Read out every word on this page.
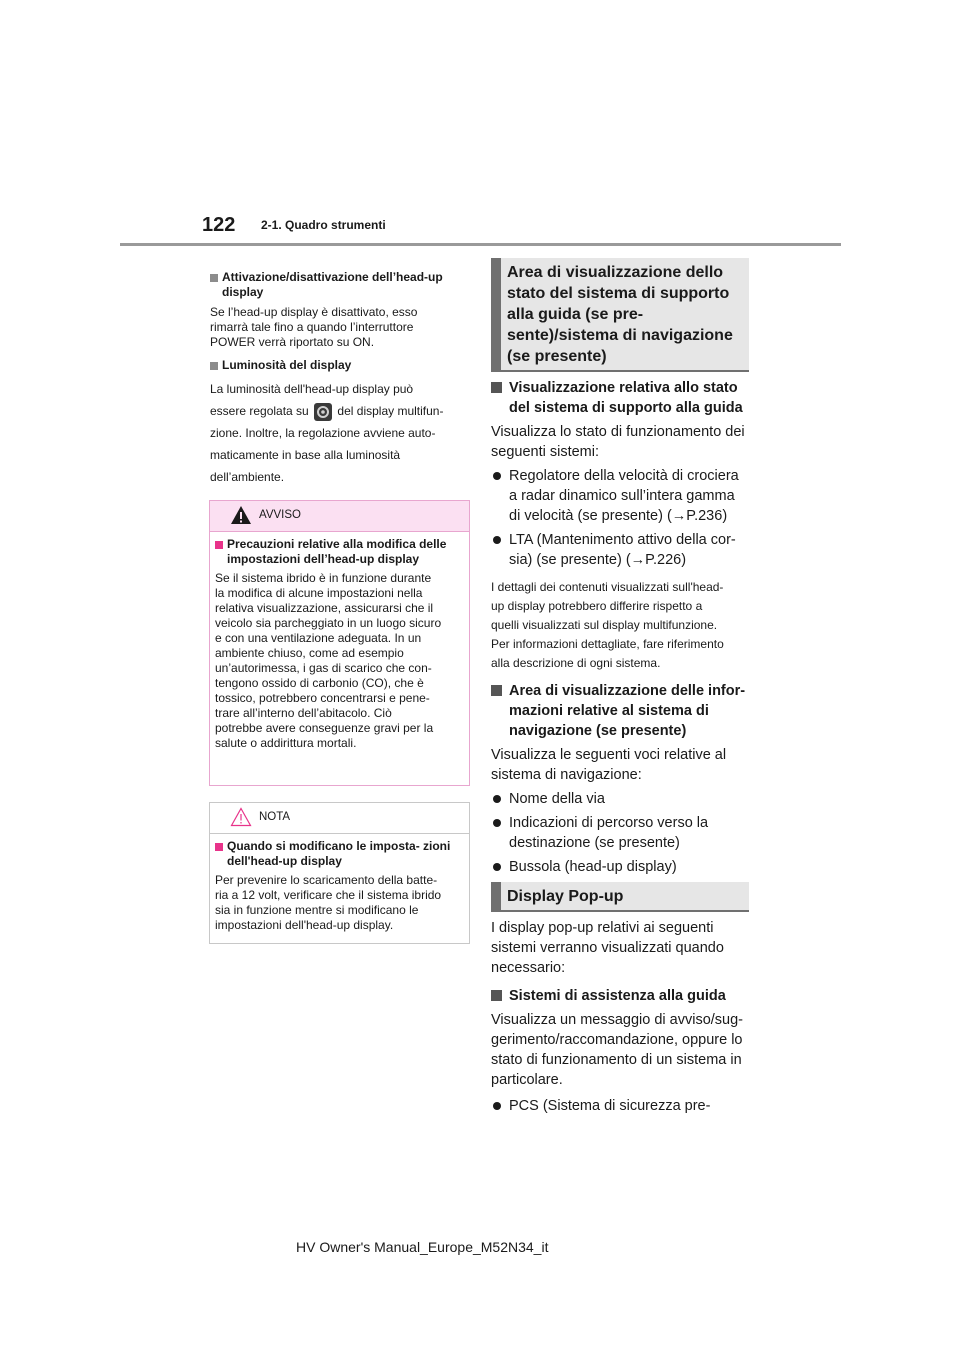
122 2-1. Quadro strumenti
Attivazione/disattivazione dell’head-up display
Se l’head-up display è disattivato, esso
rimarrà tale fino a quando l’interruttore
POWER verrà riportato su ON.
Luminosità del display
La luminosità dell'head-up display può
essere regolata su del display multifun-
zione. Inoltre, la regolazione avviene auto-
maticamente in base alla luminosità
dell’ambiente.
AVVISO
Precauzioni relative alla modifica delle impostazioni dell’head-up display
Se il sistema ibrido è in funzione durante
la modifica di alcune impostazioni nella
relativa visualizzazione, assicurarsi che il
veicolo sia parcheggiato in un luogo sicuro
e con una ventilazione adeguata. In un
ambiente chiuso, come ad esempio
un’autorimessa, i gas di scarico che con-
tengono ossido di carbonio (CO), che è
tossico, potrebbero concentrarsi e pene-
trare all’interno dell’abitacolo. Ciò
potrebbe avere conseguenze gravi per la
salute o addirittura mortali.
NOTA
Quando si modificano le imposta- zioni dell'head-up display
Per prevenire lo scaricamento della batte-
ria a 12 volt, verificare che il sistema ibrido
sia in funzione mentre si modificano le
impostazioni dell'head-up display.
Area di visualizzazione dello stato del sistema di supporto alla guida (se pre- sente)/sistema di navigazione (se presente)
Visualizzazione relativa allo stato del sistema di supporto alla guida

Visualizza lo stato di funzionamento dei seguenti sistemi:

Regolatore della velocità di crociera a radar dinamico sull’intera gamma di velocità (se presente) (→P.236)
LTA (Mantenimento attivo della cor- sia) (se presente) (→P.226)
I dettagli dei contenuti visualizzati sull'head-
up display potrebbero differire rispetto a
quelli visualizzati sul display multifunzione.
Per informazioni dettagliate, fare riferimento
alla descrizione di ogni sistema.
Area di visualizzazione delle infor- mazioni relative al sistema di navigazione (se presente)

Visualizza le seguenti voci relative al sistema di navigazione:

Nome della via
Indicazioni di percorso verso la destinazione (se presente)
Bussola (head-up display)
Display Pop-up

I display pop-up relativi ai seguenti sistemi verranno visualizzati quando necessario:

Sistemi di assistenza alla guida

Visualizza un messaggio di avviso/sug- gerimento/raccomandazione, oppure lo stato di funzionamento di un sistema in particolare.

PCS (Sistema di sicurezza pre-
HV Owner's Manual_Europe_M52N34_it
